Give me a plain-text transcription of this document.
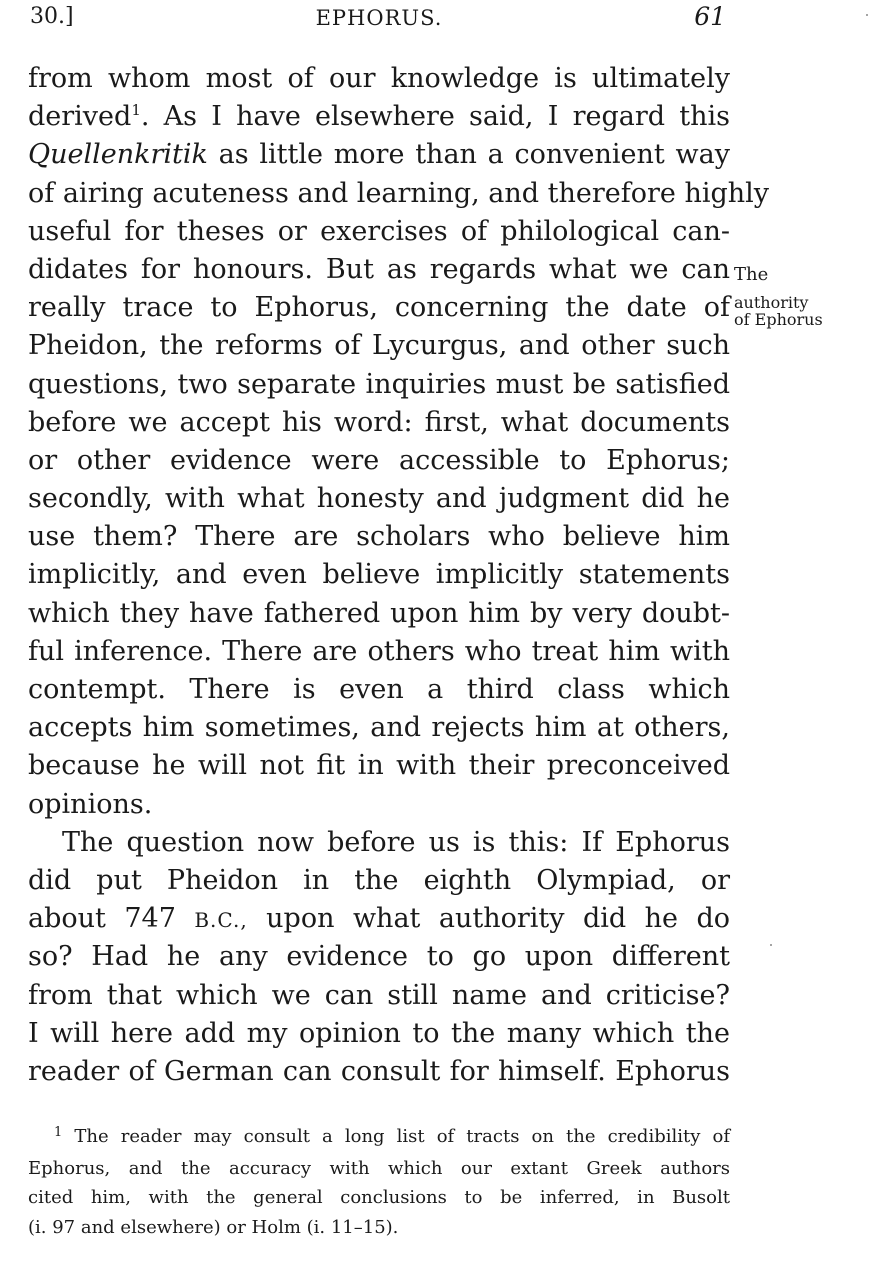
30.]	EPHORUS.	61
from whom most of our knowledge is ultimately
derived$^1$. As I have elsewhere said, I regard this
Quellenkritik as little more than a convenient way
of airing acuteness and learning, and therefore highly
useful for theses or exercises of philological can-
didates for honours. But as regards what we can
really trace to Ephorus, concerning the date of
Pheidon, the reforms of Lycurgus, and other such
questions, two separate inquiries must be satisfied
before we accept his word: first, what documents
or other evidence were accessible to Ephorus;
secondly, with what honesty and judgment did he
use them? There are scholars who believe him
implicitly, and even believe implicitly statements
which they have fathered upon him by very doubt-
ful inference. There are others who treat him with
contempt. There is even a third class which
accepts him sometimes, and rejects him at others,
because he will not fit in with their preconceived
opinions.
The question now before us is this: If Ephorus
did put Pheidon in the eighth Olympiad, or
about 747 B.C., upon what authority did he do
so? Had he any evidence to go upon different
from that which we can still name and criticise?
I will here add my opinion to the many which the
reader of German can consult for himself. Ephorus
The
authority
of Ephorus
$^1$ The reader may consult a long list of tracts on the credibility of
Ephorus, and the accuracy with which our extant Greek authors
cited him, with the general conclusions to be inferred, in Busolt
(i. 97 and elsewhere) or Holm (i. 11–15).
